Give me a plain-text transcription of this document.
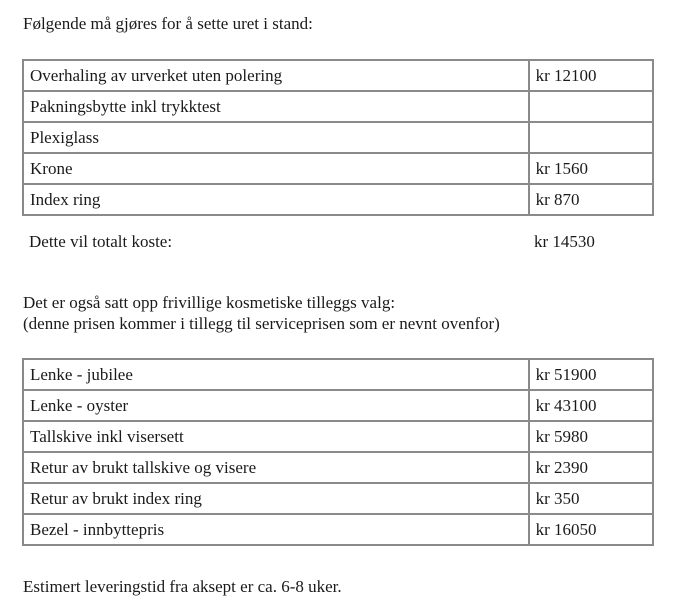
Følgende må gjøres for å sette uret i stand:
Overhaling av urverket uten polering	kr 12100
Pakningsbytte inkl trykktest	
Plexiglass	
Krone	kr 1560
Index ring	kr 870
Dette vil totalt koste:	kr 14530
Det er også satt opp frivillige kosmetiske tilleggs valg:
(denne prisen kommer i tillegg til serviceprisen som er nevnt ovenfor)
Lenke - jubilee	kr 51900
Lenke - oyster	kr 43100
Tallskive inkl visersett	kr 5980
Retur av brukt tallskive og visere	kr 2390
Retur av brukt index ring	kr 350
Bezel - innbyttepris	kr 16050
Estimert leveringstid fra aksept er ca. 6-8 uker.
